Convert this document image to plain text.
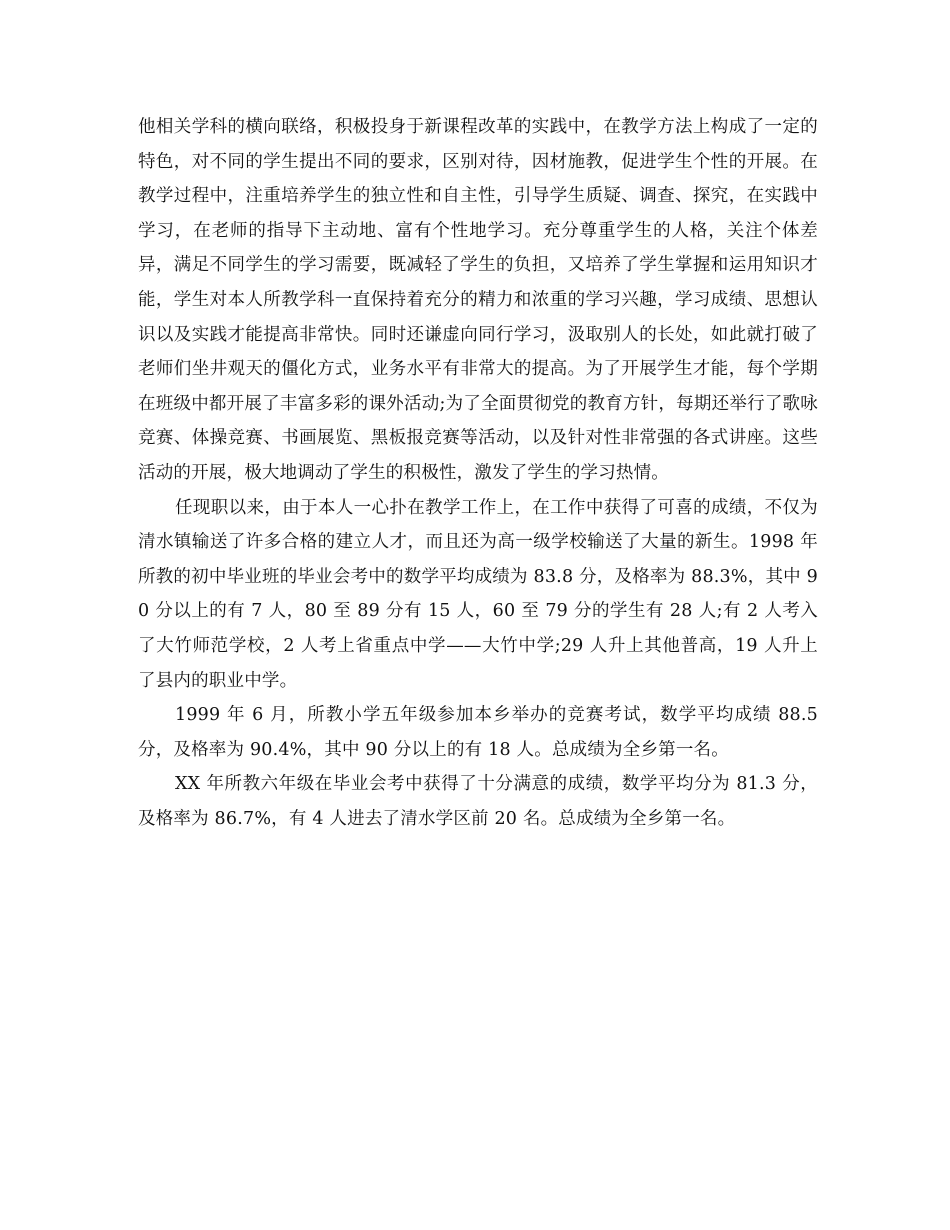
他相关学科的横向联络，积极投身于新课程改革的实践中，在教学方法上构成了一定的特色，对不同的学生提出不同的要求，区别对待，因材施教，促进学生个性的开展。在教学过程中，注重培养学生的独立性和自主性，引导学生质疑、调查、探究，在实践中学习，在老师的指导下主动地、富有个性地学习。充分尊重学生的人格，关注个体差异，满足不同学生的学习需要，既减轻了学生的负担，又培养了学生掌握和运用知识才能，学生对本人所教学科一直保持着充分的精力和浓重的学习兴趣，学习成绩、思想认识以及实践才能提高非常快。同时还谦虚向同行学习，汲取别人的长处，如此就打破了老师们坐井观天的僵化方式，业务水平有非常大的提高。为了开展学生才能，每个学期在班级中都开展了丰富多彩的课外活动;为了全面贯彻党的教育方针，每期还举行了歌咏竞赛、体操竞赛、书画展览、黑板报竞赛等活动，以及针对性非常强的各式讲座。这些活动的开展，极大地调动了学生的积极性，激发了学生的学习热情。

任现职以来，由于本人一心扑在教学工作上，在工作中获得了可喜的成绩，不仅为清水镇输送了许多合格的建立人才，而且还为高一级学校输送了大量的新生。1998 年所教的初中毕业班的毕业会考中的数学平均成绩为 83.8 分，及格率为 88.3%，其中 90 分以上的有 7 人，80 至 89 分有 15 人，60 至 79 分的学生有 28 人;有 2 人考入了大竹师范学校，2 人考上省重点中学——大竹中学;29 人升上其他普高，19 人升上了县内的职业中学。

1999 年 6 月，所教小学五年级参加本乡举办的竞赛考试，数学平均成绩 88.5 分，及格率为 90.4%，其中 90 分以上的有 18 人。总成绩为全乡第一名。

XX 年所教六年级在毕业会考中获得了十分满意的成绩，数学平均分为 81.3 分，及格率为 86.7%，有 4 人进去了清水学区前 20 名。总成绩为全乡第一名。
